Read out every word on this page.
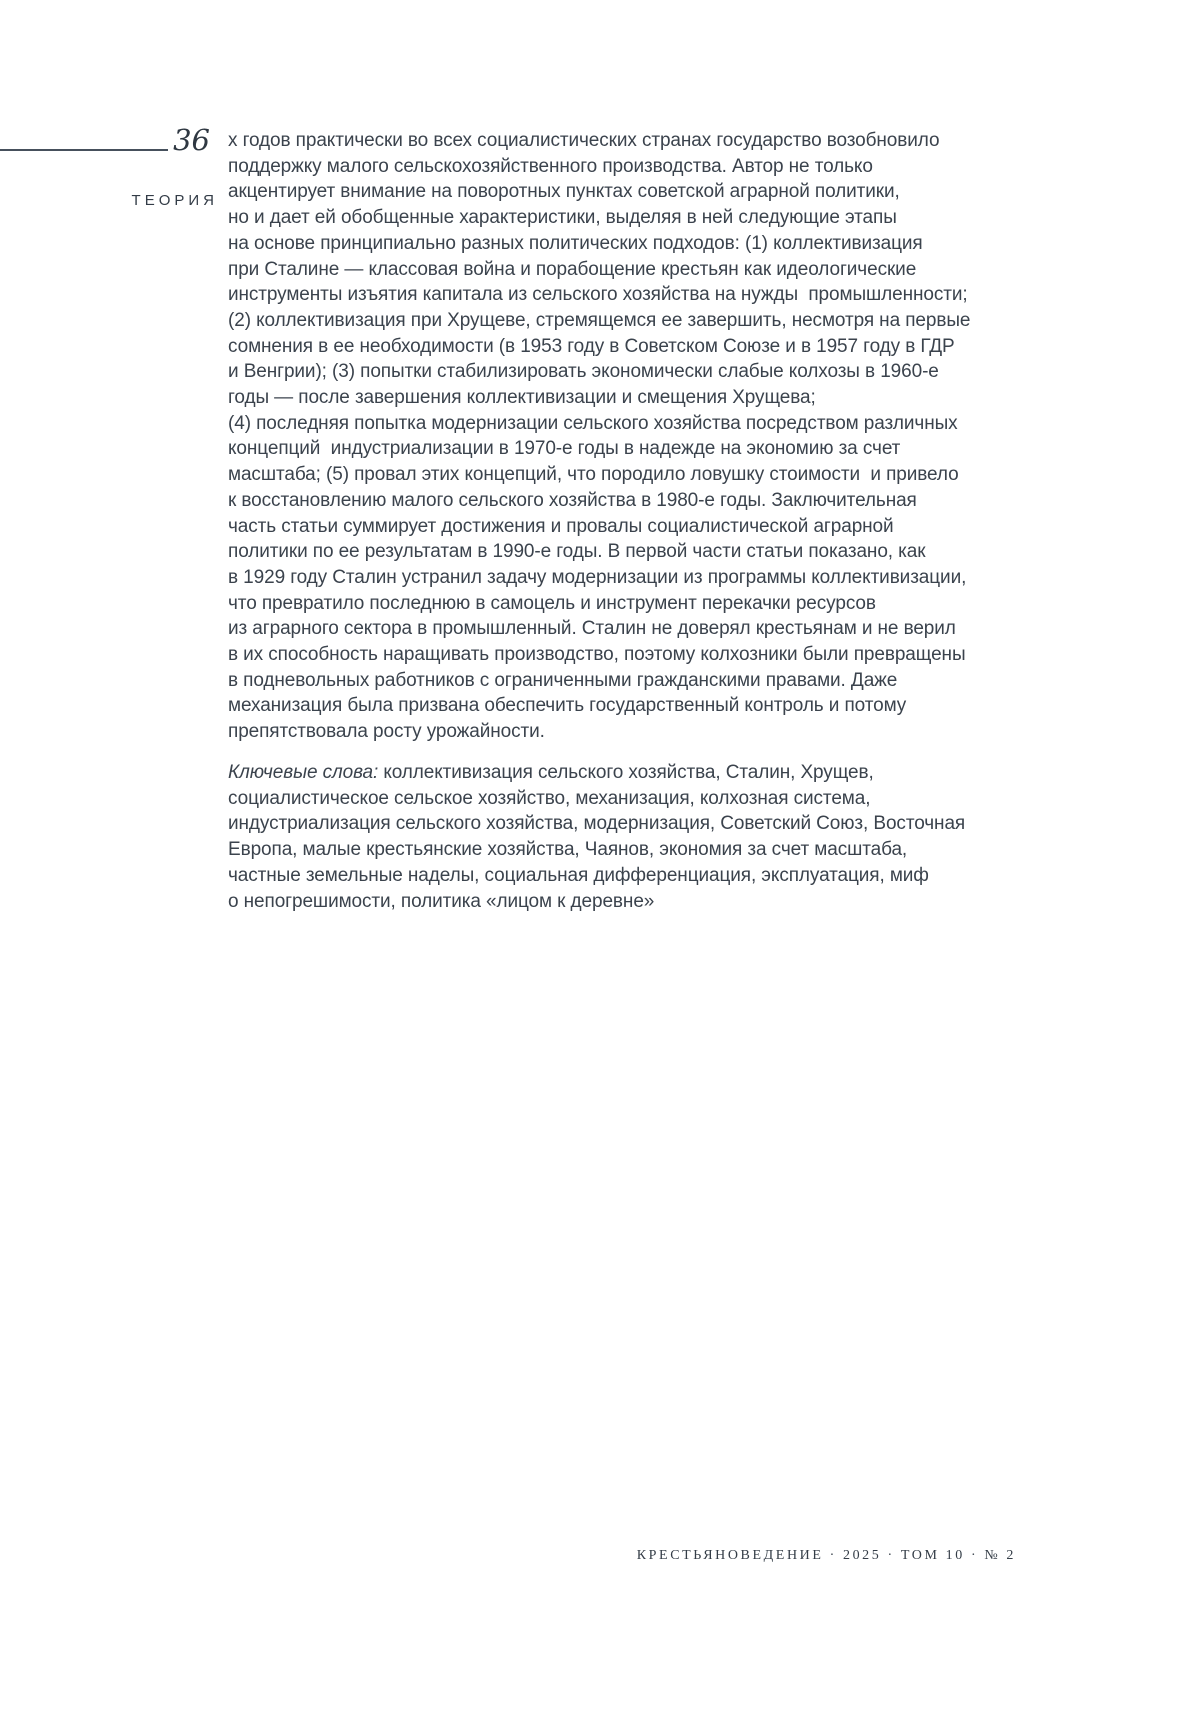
36
ТЕОРИЯ
х годов практически во всех социалистических странах государство возобновило
поддержку малого сельскохозяйственного производства. Автор не только
акцентирует внимание на поворотных пунктах советской аграрной политики,
но и дает ей обобщенные характеристики, выделяя в ней следующие этапы
на основе принципиально разных политических подходов: (1) коллективизация
при Сталине — классовая война и порабощение крестьян как идеологические
инструменты изъятия капитала из сельского хозяйства на нужды  промышленности;
(2) коллективизация при Хрущеве, стремящемся ее завершить, несмотря на первые
сомнения в ее необходимости (в 1953 году в Советском Союзе и в 1957 году в ГДР
и Венгрии); (3) попытки стабилизировать экономически слабые колхозы в 1960-е
годы — после завершения коллективизации и смещения Хрущева;
(4) последняя попытка модернизации сельского хозяйства посредством различных
концепций  индустриализации в 1970-е годы в надежде на экономию за счет
масштаба; (5) провал этих концепций, что породило ловушку стоимости  и привело
к восстановлению малого сельского хозяйства в 1980-е годы. Заключительная
часть статьи суммирует достижения и провалы социалистической аграрной
политики по ее результатам в 1990-е годы. В первой части статьи показано, как
в 1929 году Сталин устранил задачу модернизации из программы коллективизации,
что превратило последнюю в самоцель и инструмент перекачки ресурсов
из аграрного сектора в промышленный. Сталин не доверял крестьянам и не верил
в их способность наращивать производство, поэтому колхозники были превращены
в подневольных работников с ограниченными гражданскими правами. Даже
механизация была призвана обеспечить государственный контроль и потому
препятствовала росту урожайности.

Ключевые слова: коллективизация сельского хозяйства, Сталин, Хрущев,
социалистическое сельское хозяйство, механизация, колхозная система,
индустриализация сельского хозяйства, модернизация, Советский Союз, Восточная
Европа, малые крестьянские хозяйства, Чаянов, экономия за счет масштаба,
частные земельные наделы, социальная дифференциация, эксплуатация, миф
о непогрешимости, политика «лицом к деревне»

КРЕСТЬЯНОВЕДЕНИЕ · 2025 · ТОМ 10 · № 2
